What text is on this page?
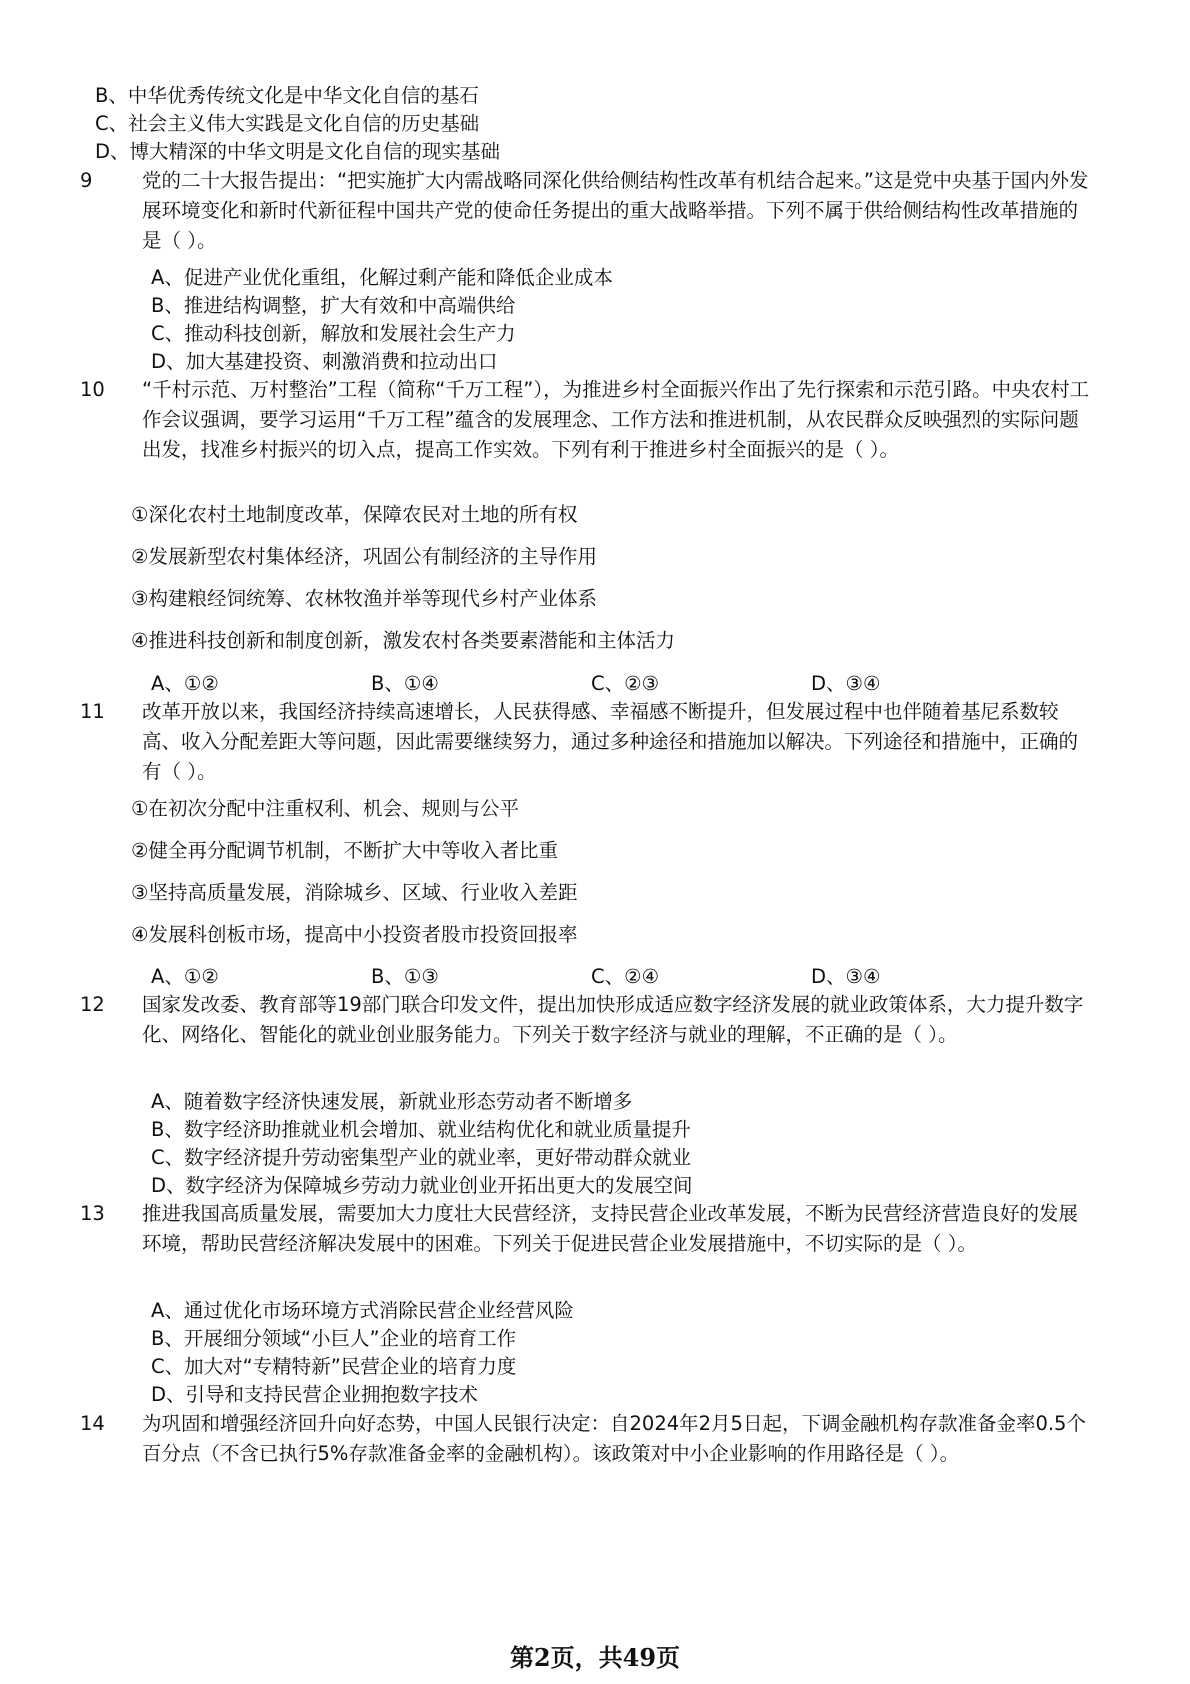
B、中华优秀传统文化是中华文化自信的基石
C、社会主义伟大实践是文化自信的历史基础
D、博大精深的中华文明是文化自信的现实基础
9	党的二十大报告提出：“把实施扩大内需战略同深化供给侧结构性改革有机结合起来。”这是党中央基于国内外发展环境变化和新时代新征程中国共产党的使命任务提出的重大战略举措。下列不属于供给侧结构性改革措施的是（ ）。
A、促进产业优化重组，化解过剩产能和降低企业成本
B、推进结构调整，扩大有效和中高端供给
C、推动科技创新，解放和发展社会生产力
D、加大基建投资、刺激消费和拉动出口
10 “千村示范、万村整治”工程（简称“千万工程”），为推进乡村全面振兴作出了先行探索和示范引路。中央农村工作会议强调，要学习运用“千万工程”蕴含的发展理念、工作方法和推进机制，从农民群众反映强烈的实际问题出发，找准乡村振兴的切入点，提高工作实效。下列有利于推进乡村全面振兴的是（ ）。
①深化农村土地制度改革，保障农民对土地的所有权
②发展新型农村集体经济，巩固公有制经济的主导作用
③构建粮经饲统筹、农林牧渔并举等现代乡村产业体系
④推进科技创新和制度创新，激发农村各类要素潜能和主体活力
A、①②	B、①④	C、②③	D、③④
11 改革开放以来，我国经济持续高速增长，人民获得感、幸福感不断提升，但发展过程中也伴随着基尼系数较高、收入分配差距大等问题，因此需要继续努力，通过多种途径和措施加以解决。下列途径和措施中，正确的有（ ）。
①在初次分配中注重权利、机会、规则与公平
②健全再分配调节机制，不断扩大中等收入者比重
③坚持高质量发展，消除城乡、区域、行业收入差距
④发展科创板市场，提高中小投资者股市投资回报率
A、①②	B、①③	C、②④	D、③④
12 国家发改委、教育部等19部门联合印发文件，提出加快形成适应数字经济发展的就业政策体系，大力提升数字化、网络化、智能化的就业创业服务能力。下列关于数字经济与就业的理解，不正确的是（ ）。
A、随着数字经济快速发展，新就业形态劳动者不断增多
B、数字经济助推就业机会增加、就业结构优化和就业质量提升
C、数字经济提升劳动密集型产业的就业率，更好带动群众就业
D、数字经济为保障城乡劳动力就业创业开拓出更大的发展空间
13 推进我国高质量发展，需要加大力度壮大民营经济，支持民营企业改革发展，不断为民营经济营造良好的发展环境，帮助民营经济解决发展中的困难。下列关于促进民营企业发展措施中，不切实际的是（ ）。
A、通过优化市场环境方式消除民营企业经营风险
B、开展细分领域“小巨人”企业的培育工作
C、加大对“专精特新”民营企业的培育力度
D、引导和支持民营企业拥抱数字技术
14 为巩固和增强经济回升向好态势，中国人民银行决定：自2024年2月5日起，下调金融机构存款准备金率0.5个百分点（不含已执行5%存款准备金率的金融机构）。该政策对中小企业影响的作用路径是（ ）。
第2页，共49页
